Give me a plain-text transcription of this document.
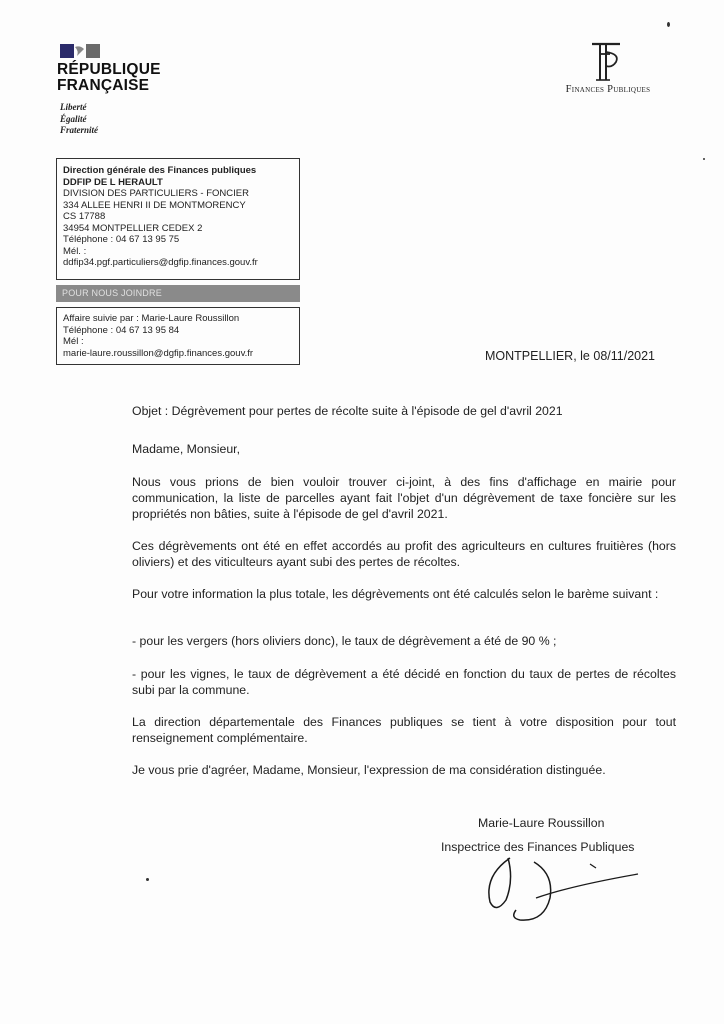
RÉPUBLIQUE
FRANÇAISE
Liberté
Égalité
Fraternité
Finances Publiques
Direction générale des Finances publiques
DDFIP DE L HERAULT
DIVISION DES PARTICULIERS - FONCIER
334 ALLEE HENRI II DE MONTMORENCY
CS 17788
34954 MONTPELLIER CEDEX 2
Téléphone : 04 67 13 95 75
Mél. :
ddfip34.pgf.particuliers@dgfip.finances.gouv.fr
POUR NOUS JOINDRE
Affaire suivie par : Marie-Laure Roussillon
Téléphone : 04 67 13 95 84
Mél :
marie-laure.roussillon@dgfip.finances.gouv.fr	MONTPELLIER, le 08/11/2021
Objet : Dégrèvement pour pertes de récolte suite à l'épisode de gel d'avril 2021
Madame, Monsieur,
Nous vous prions de bien vouloir trouver ci-joint, à des fins d'affichage en mairie pour communication, la liste de parcelles ayant fait l'objet d'un dégrèvement de taxe foncière sur les propriétés non bâties, suite à l'épisode de gel d'avril 2021.
Ces dégrèvements ont été en effet accordés au profit des agriculteurs en cultures fruitières (hors oliviers) et des viticulteurs ayant subi des pertes de récoltes.
Pour votre information la plus totale, les dégrèvements ont été calculés selon le barème suivant :
- pour les vergers (hors oliviers donc), le taux de dégrèvement a été de 90 % ;
- pour les vignes, le taux de dégrèvement a été décidé en fonction du taux de pertes de récoltes subi par la commune.
La direction départementale des Finances publiques se tient à votre disposition pour tout renseignement complémentaire.
Je vous prie d'agréer, Madame, Monsieur, l'expression de ma considération distinguée.
Marie-Laure Roussillon
Inspectrice des Finances Publiques
